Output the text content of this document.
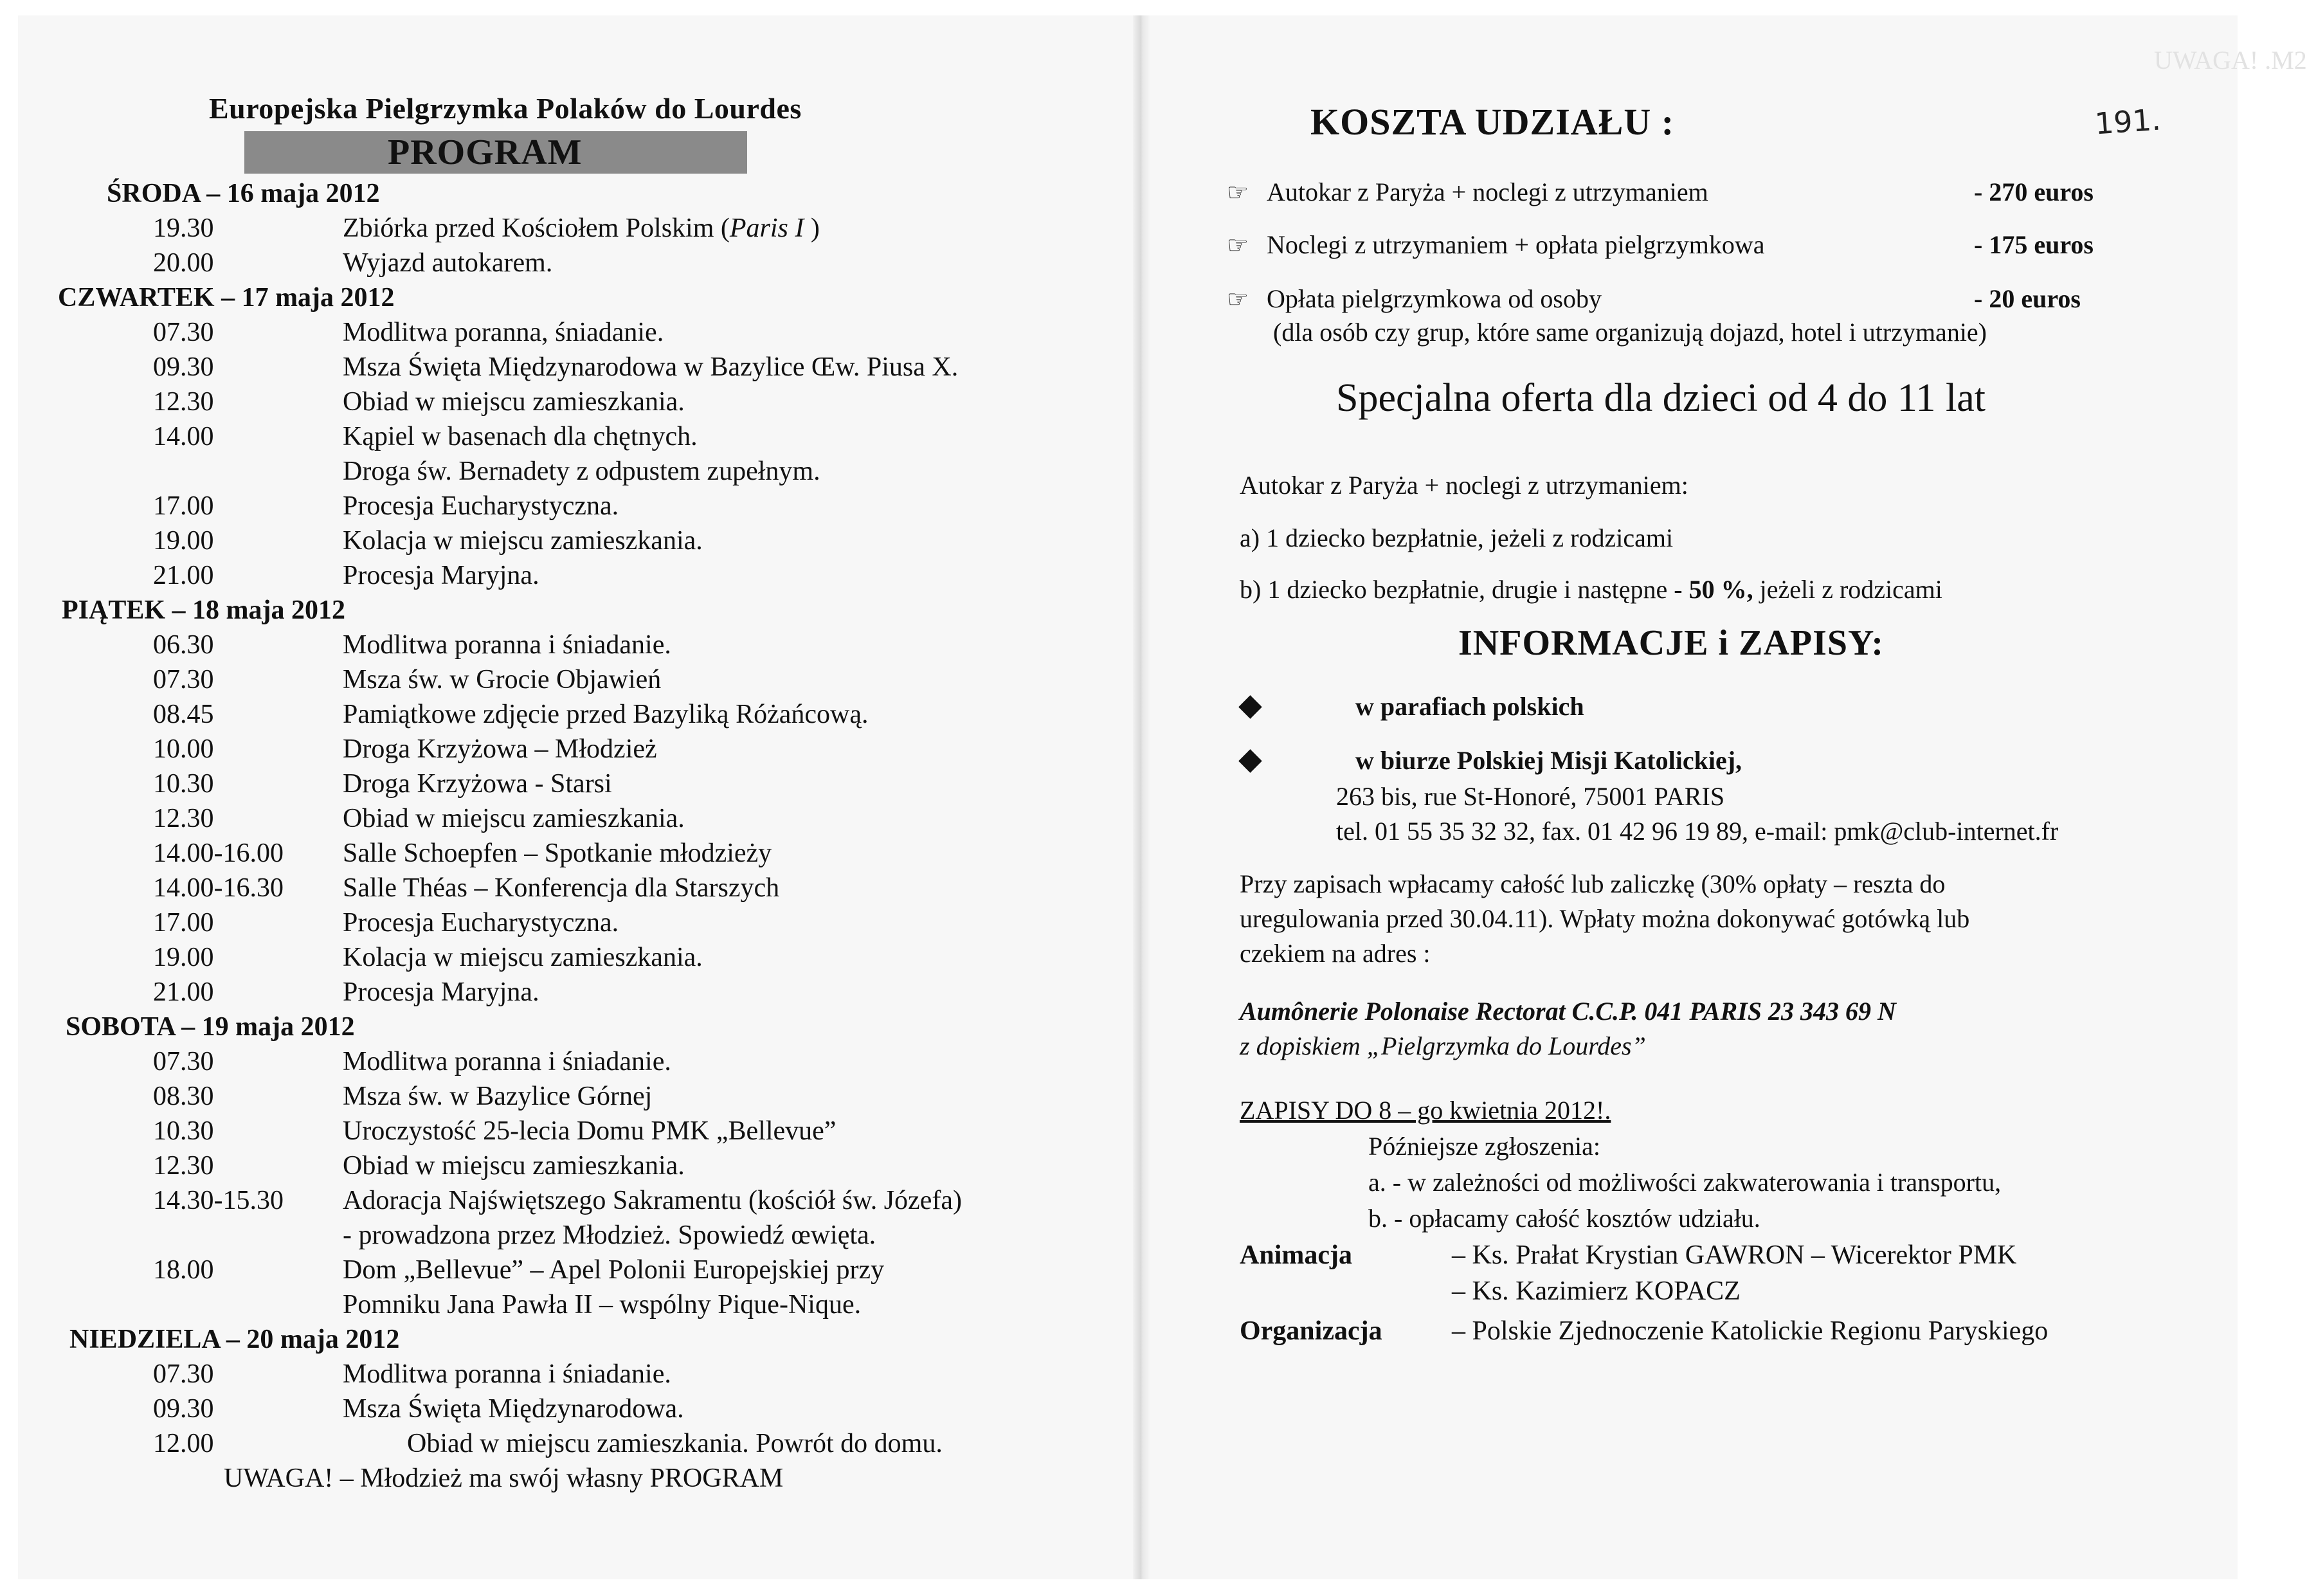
UWAGA! .M2
Europejska Pielgrzymka Polaków do Lourdes
PROGRAM
ŚRODA – 16 maja 2012
19.30	Zbiórka przed Kościołem Polskim (Paris I )
20.00	Wyjazd autokarem.
CZWARTEK – 17 maja 2012
07.30	Modlitwa poranna, śniadanie.
09.30	Msza Święta Międzynarodowa w Bazylice Œw. Piusa X.
12.30	Obiad w miejscu zamieszkania.
14.00	Kąpiel w basenach dla chętnych.
Droga św. Bernadety z odpustem zupełnym.
17.00	Procesja Eucharystyczna.
19.00	Kolacja w miejscu zamieszkania.
21.00	Procesja Maryjna.
PIĄTEK – 18 maja 2012
06.30	Modlitwa poranna i śniadanie.
07.30	Msza św. w Grocie Objawień
08.45	Pamiątkowe zdjęcie przed Bazyliką Różańcową.
10.00	Droga Krzyżowa – Młodzież
10.30	Droga Krzyżowa - Starsi
12.30	Obiad w miejscu zamieszkania.
14.00-16.00 Salle Schoepfen – Spotkanie młodzieży
14.00-16.30 Salle Théas – Konferencja dla Starszych
17.00	Procesja Eucharystyczna.
19.00	Kolacja w miejscu zamieszkania.
21.00	Procesja Maryjna.
SOBOTA – 19 maja 2012
07.30	Modlitwa poranna i śniadanie.
08.30	Msza św. w Bazylice Górnej
10.30	Uroczystość 25-lecia Domu PMK „Bellevue”
12.30	Obiad w miejscu zamieszkania.
14.30-15.30 Adoracja Najświętszego Sakramentu (kościół św. Józefa)
- prowadzona przez Młodzież. Spowiedź œwięta.
18.00	Dom „Bellevue” – Apel Polonii Europejskiej przy
Pomniku Jana Pawła II – wspólny Pique-Nique.
NIEDZIELA – 20 maja 2012
07.30	Modlitwa poranna i śniadanie.
09.30	Msza Święta Międzynarodowa.
12.00	Obiad w miejscu zamieszkania. Powrót do domu.
UWAGA! – Młodzież ma swój własny PROGRAM
KOSZTA UDZIAŁU :	191.
☞ Autokar z Paryża + noclegi z utrzymaniem	- 270 euros
☞ Noclegi z utrzymaniem + opłata pielgrzymkowa	- 175 euros
☞ Opłata pielgrzymkowa od osoby	- 20 euros
(dla osób czy grup, które same organizują dojazd, hotel i utrzymanie)
Specjalna oferta dla dzieci od 4 do 11 lat
Autokar z Paryża + noclegi z utrzymaniem:
a) 1 dziecko bezpłatnie, jeżeli z rodzicami
b) 1 dziecko bezpłatnie, drugie i następne - 50 %, jeżeli z rodzicami
INFORMACJE i ZAPISY:
◆	w parafiach polskich
◆	w biurze Polskiej Misji Katolickiej,
263 bis, rue St-Honoré, 75001 PARIS
tel. 01 55 35 32 32, fax. 01 42 96 19 89, e-mail: pmk@club-internet.fr
Przy zapisach wpłacamy całość lub zaliczkę (30% opłaty – reszta do
uregulowania przed 30.04.11). Wpłaty można dokonywać gotówką lub
czekiem na adres :
Aumônerie Polonaise Rectorat C.C.P. 041 PARIS 23 343 69 N
z dopiskiem „Pielgrzymka do Lourdes”
ZAPISY DO 8 – go kwietnia 2012!.
Późniejsze zgłoszenia:
a. - w zależności od możliwości zakwaterowania i transportu,
b. - opłacamy całość kosztów udziału.
Animacja	– Ks. Prałat Krystian GAWRON – Wicerektor PMK
– Ks. Kazimierz KOPACZ
Organizacja	– Polskie Zjednoczenie Katolickie Regionu Paryskiego
